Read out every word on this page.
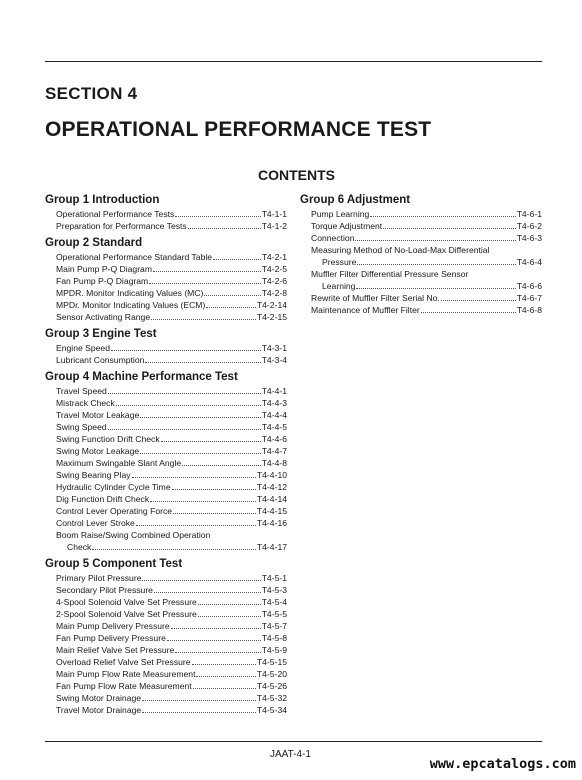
SECTION 4
OPERATIONAL PERFORMANCE TEST
CONTENTS
Group 1 Introduction
Operational Performance Tests	T4-1-1
Preparation for Performance Tests	T4-1-2
Group 2 Standard
Operational Performance Standard Table	T4-2-1
Main Pump P-Q Diagram	T4-2-5
Fan Pump P-Q Diagram	T4-2-6
MPDR. Monitor Indicating Values (MC)	T4-2-8
MPDr. Monitor Indicating Values (ECM)	T4-2-14
Sensor Activating Range	T4-2-15
Group 3 Engine Test
Engine Speed	T4-3-1
Lubricant Consumption	T4-3-4
Group 4 Machine Performance Test
Travel Speed	T4-4-1
Mistrack Check	T4-4-3
Travel Motor Leakage	T4-4-4
Swing Speed	T4-4-5
Swing Function Drift Check	T4-4-6
Swing Motor Leakage	T4-4-7
Maximum Swingable Slant Angle	T4-4-8
Swing Bearing Play	T4-4-10
Hydraulic Cylinder Cycle Time	T4-4-12
Dig Function Drift Check	T4-4-14
Control Lever Operating Force	T4-4-15
Control Lever Stroke	T4-4-16
Boom Raise/Swing Combined Operation
Check	T4-4-17
Group 5 Component Test
Primary Pilot Pressure	T4-5-1
Secondary Pilot Pressure	T4-5-3
4-Spool Solenoid Valve Set Pressure	T4-5-4
2-Spool Solenoid Valve Set Pressure	T4-5-5
Main Pump Delivery Pressure	T4-5-7
Fan Pump Delivery Pressure	T4-5-8
Main Relief Valve Set Pressure	T4-5-9
Overload Relief Valve Set Pressure	T4-5-15
Main Pump Flow Rate Measurement	T4-5-20
Fan Pump Flow Rate Measurement	T4-5-26
Swing Motor Drainage	T4-5-32
Travel Motor Drainage	T4-5-34
Group 6 Adjustment
Pump Learning	T4-6-1
Torque Adjustment	T4-6-2
Connection	T4-6-3
Measuring Method of No-Load-Max Differential
Pressure	T4-6-4
Muffler Filter Differential Pressure Sensor
Learning	T4-6-6
Rewrite of Muffler Filter Serial No.	T4-6-7
Maintenance of Muffler Filter	T4-6-8
JAAT-4-1
www.epcatalogs.com
